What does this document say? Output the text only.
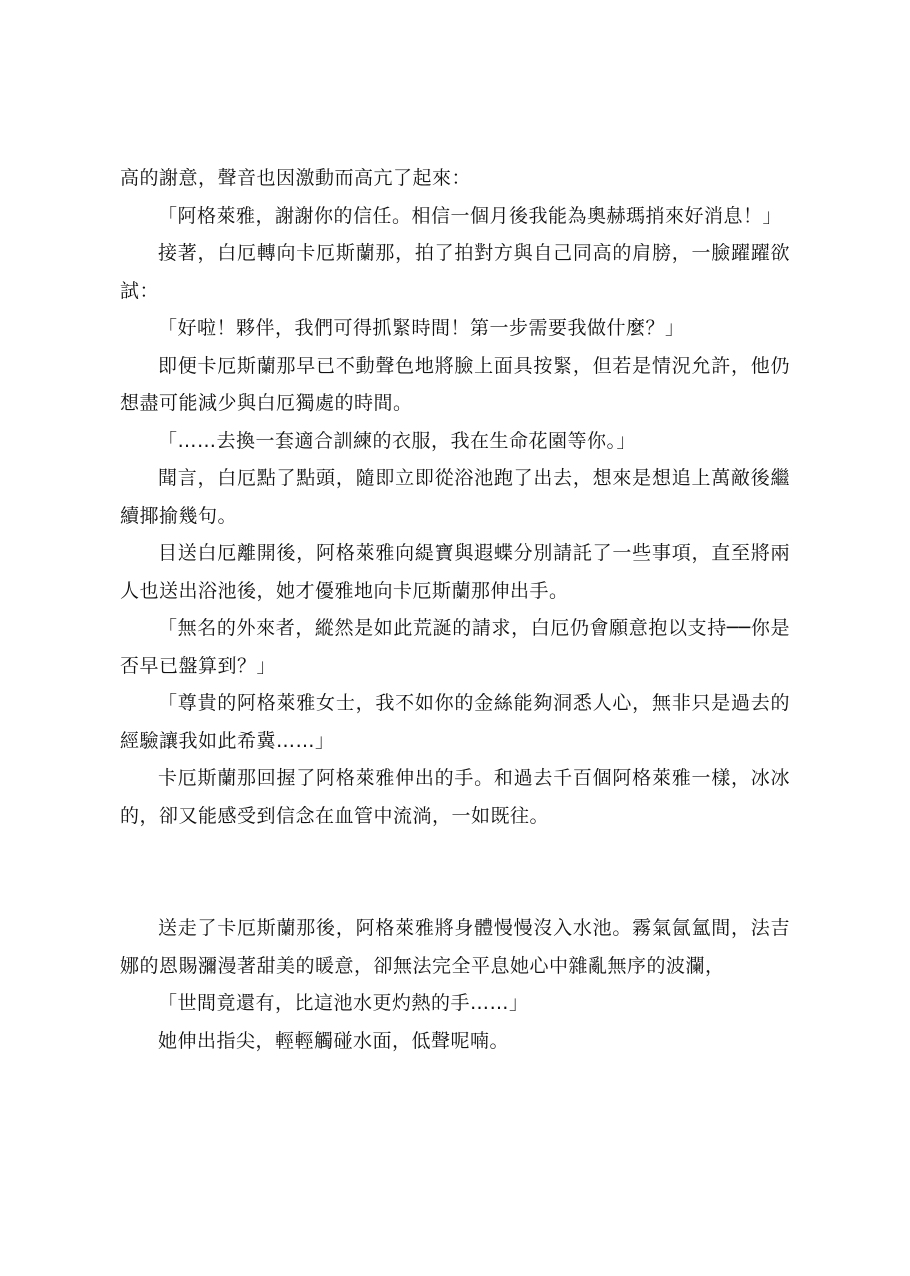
高的謝意，聲音也因激動而高亢了起來：

「阿格萊雅，謝謝你的信任。相信一個月後我能為奧赫瑪捎來好消息！」

接著，白厄轉向卡厄斯蘭那，拍了拍對方與自己同高的肩膀，一臉躍躍欲試：

「好啦！夥伴，我們可得抓緊時間！第一步需要我做什麼？」

即便卡厄斯蘭那早已不動聲色地將臉上面具按緊，但若是情況允許，他仍想盡可能減少與白厄獨處的時間。

「……去換一套適合訓練的衣服，我在生命花園等你。」

聞言，白厄點了點頭，隨即立即從浴池跑了出去，想來是想追上萬敵後繼續揶揄幾句。

目送白厄離開後，阿格萊雅向緹寶與遐蝶分別請託了一些事項，直至將兩人也送出浴池後，她才優雅地向卡厄斯蘭那伸出手。

「無名的外來者，縱然是如此荒誕的請求，白厄仍會願意抱以支持──你是否早已盤算到？」

「尊貴的阿格萊雅女士，我不如你的金絲能夠洞悉人心，無非只是過去的經驗讓我如此希冀……」

卡厄斯蘭那回握了阿格萊雅伸出的手。和過去千百個阿格萊雅一樣，冰冰的，卻又能感受到信念在血管中流淌，一如既往。

送走了卡厄斯蘭那後，阿格萊雅將身體慢慢沒入水池。霧氣氤氳間，法吉娜的恩賜瀰漫著甜美的暖意，卻無法完全平息她心中雜亂無序的波瀾，

「世間竟還有，比這池水更灼熱的手……」

她伸出指尖，輕輕觸碰水面，低聲呢喃。
